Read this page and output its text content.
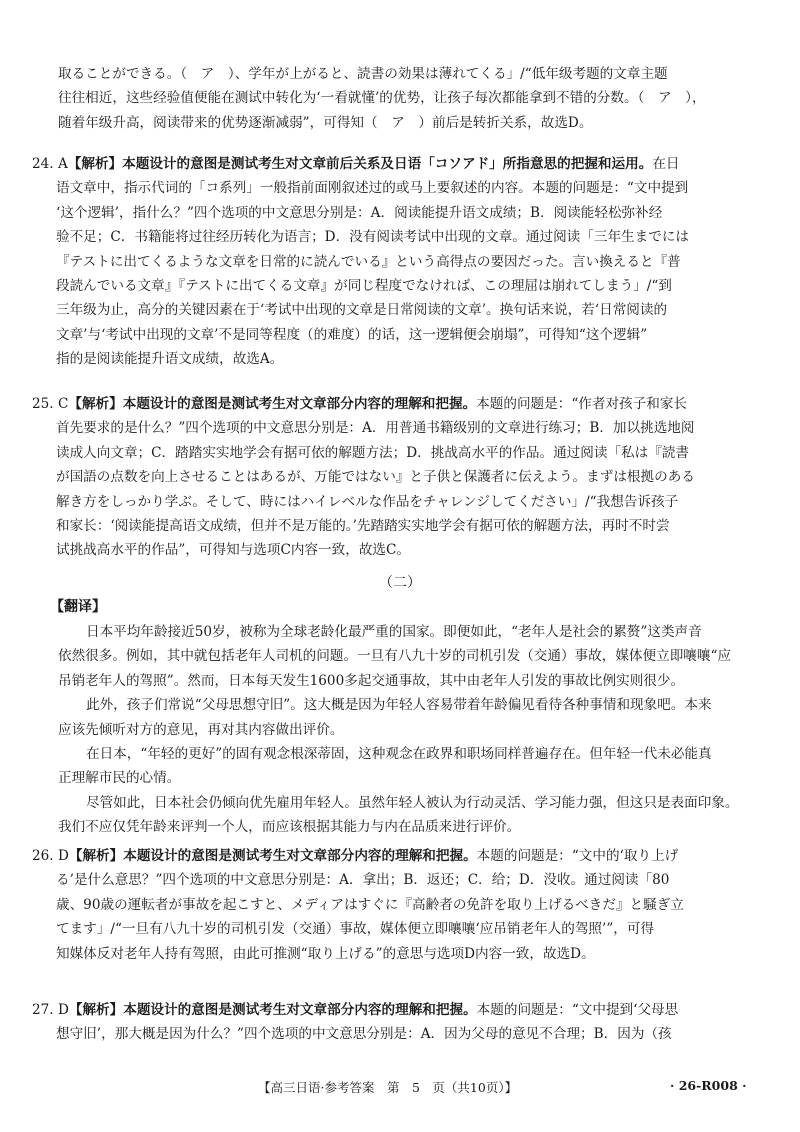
取ることができる。（　ア　）、学年が上がると、読書の効果は薄れてくる」/“低年级考题的文章主题
往往相近，这些经验值便能在测试中转化为‘一看就懂’的优势，让孩子每次都能拿到不错的分数。（　ア　），
随着年级升高，阅读带来的优势逐渐减弱”，可得知（　ア　）前后是转折关系，故选D。
24. A【解析】本题设计的意图是测试考生对文章前后关系及日语「コソアド」所指意思的把握和运用。在日
语文章中，指示代词的「コ系列」一般指前面刚叙述过的或马上要叙述的内容。本题的问题是：“文中提到
‘这个逻辑’，指什么？”四个选项的中文意思分别是：A．阅读能提升语文成绩；B．阅读能轻松弥补经
验不足；C．书籍能将过往经历转化为语言；D．没有阅读考试中出现的文章。通过阅读「三年生までには
『テストに出てくるような文章を日常的に読んでいる』という高得点の要因だった。言い換えると『普
段読んでいる文章』『テストに出てくる文章』が同じ程度でなければ、この理屈は崩れてしまう」/“到
三年级为止，高分的关键因素在于‘考试中出现的文章是日常阅读的文章’。换句话来说，若‘日常阅读的
文章’与‘考试中出现的文章’不是同等程度（的难度）的话，这一逻辑便会崩塌”，可得知“这个逻辑”
指的是阅读能提升语文成绩，故选A。
25. C【解析】本题设计的意图是测试考生对文章部分内容的理解和把握。本题的问题是：“作者对孩子和家长
首先要求的是什么？”四个选项的中文意思分别是：A．用普通书籍级别的文章进行练习；B．加以挑选地阅
读成人向文章；C．踏踏实实地学会有据可依的解题方法；D．挑战高水平的作品。通过阅读「私は『読書
が国語の点数を向上させることはあるが、万能ではない』と子供と保護者に伝えよう。まずは根拠のある
解き方をしっかり学ぶ。そして、時にはハイレベルな作品をチャレンジしてください」/“我想告诉孩子
和家长：‘阅读能提高语文成绩，但并不是万能的。’先踏踏实实地学会有据可依的解题方法，再时不时尝
试挑战高水平的作品”，可得知与选项C内容一致，故选C。
（二）
【翻译】
日本平均年龄接近50岁，被称为全球老龄化最严重的国家。即便如此，“老年人是社会的累赘”这类声音
依然很多。例如，其中就包括老年人司机的问题。一旦有八九十岁的司机引发（交通）事故，媒体便立即嚷嚷“应
吊销老年人的驾照”。然而，日本每天发生1600多起交通事故，其中由老年人引发的事故比例实则很少。
此外，孩子们常说“父母思想守旧”。这大概是因为年轻人容易带着年龄偏见看待各种事情和现象吧。本来
应该先倾听对方的意见，再对其内容做出评价。
在日本，“年轻的更好”的固有观念根深蒂固，这种观念在政界和职场同样普遍存在。但年轻一代未必能真
正理解市民的心情。
尽管如此，日本社会仍倾向优先雇用年轻人。虽然年轻人被认为行动灵活、学习能力强，但这只是表面印象。
我们不应仅凭年龄来评判一个人，而应该根据其能力与内在品质来进行评价。
26. D【解析】本题设计的意图是测试考生对文章部分内容的理解和把握。本题的问题是：“文中的‘取り上げ
る’是什么意思？”四个选项的中文意思分别是：A．拿出；B．返还；C．给；D．没收。通过阅读「80
歳、90歳の運転者が事故を起こすと、メディアはすぐに『高齢者の免許を取り上げるべきだ』と騒ぎ立
てます」/“一旦有八九十岁的司机引发（交通）事故，媒体便立即嚷嚷‘应吊销老年人的驾照’”，可得
知媒体反对老年人持有驾照，由此可推测“取り上げる”的意思与选项D内容一致，故选D。
27. D【解析】本题设计的意图是测试考生对文章部分内容的理解和把握。本题的问题是：“文中提到‘父母思
想守旧’，那大概是因为什么？”四个选项的中文意思分别是：A．因为父母的意见不合理；B．因为（孩
【高三日语·参考答案　第　5　页（共10页）】	· 26-R008 ·
